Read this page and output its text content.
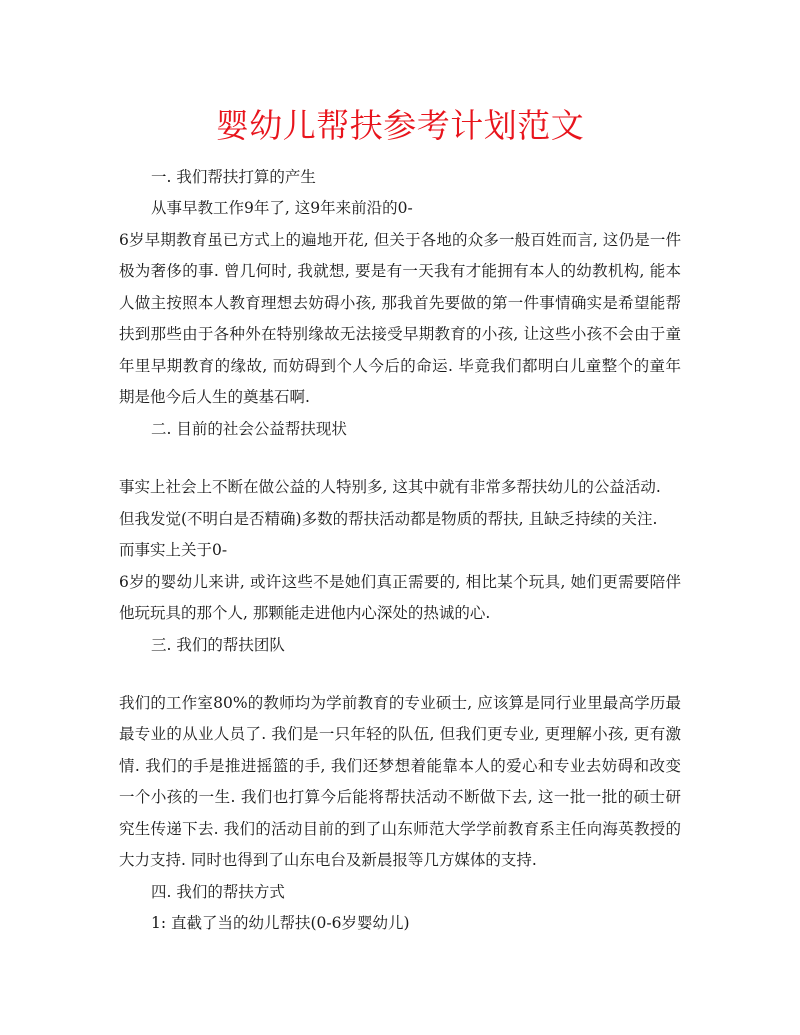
婴幼儿帮扶参考计划范文
一. 我们帮扶打算的产生
从事早教工作9年了, 这9年来前沿的0-
6岁早期教育虽已方式上的遍地开花, 但关于各地的众多一般百姓而言, 这仍是一件
极为奢侈的事. 曾几何时, 我就想, 要是有一天我有才能拥有本人的幼教机构, 能本
人做主按照本人教育理想去妨碍小孩, 那我首先要做的第一件事情确实是希望能帮
扶到那些由于各种外在特别缘故无法接受早期教育的小孩, 让这些小孩不会由于童
年里早期教育的缘故, 而妨碍到个人今后的命运. 毕竟我们都明白儿童整个的童年
期是他今后人生的奠基石啊.
二. 目前的社会公益帮扶现状
事实上社会上不断在做公益的人特别多, 这其中就有非常多帮扶幼儿的公益活动.
但我发觉(不明白是否精确)多数的帮扶活动都是物质的帮扶, 且缺乏持续的关注.
而事实上关于0-
6岁的婴幼儿来讲, 或许这些不是她们真正需要的, 相比某个玩具, 她们更需要陪伴
他玩玩具的那个人, 那颗能走进他内心深处的热诚的心.
三. 我们的帮扶团队
我们的工作室80%的教师均为学前教育的专业硕士, 应该算是同行业里最高学历最
最专业的从业人员了. 我们是一只年轻的队伍, 但我们更专业, 更理解小孩, 更有激
情. 我们的手是推进摇篮的手, 我们还梦想着能靠本人的爱心和专业去妨碍和改变
一个小孩的一生. 我们也打算今后能将帮扶活动不断做下去, 这一批一批的硕士研
究生传递下去. 我们的活动目前的到了山东师范大学学前教育系主任向海英教授的
大力支持. 同时也得到了山东电台及新晨报等几方媒体的支持.
四. 我们的帮扶方式
1: 直截了当的幼儿帮扶(0-6岁婴幼儿)
